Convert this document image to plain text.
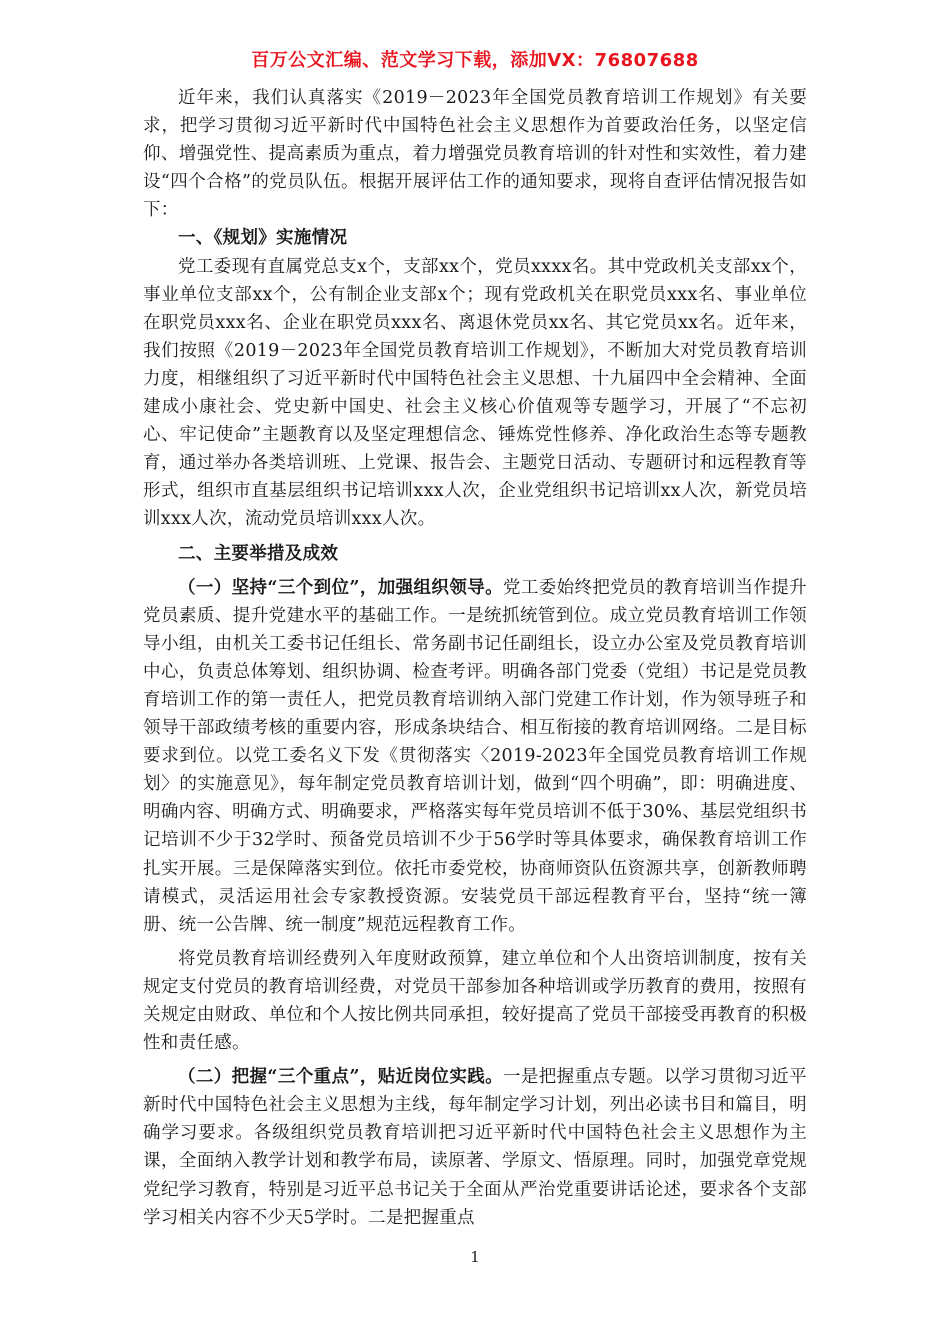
百万公文汇编、范文学习下载，添加VX：76807688

近年来，我们认真落实《2019－2023年全国党员教育培训工作规划》有关要求，把学习贯彻习近平新时代中国特色社会主义思想作为首要政治任务，以坚定信仰、增强党性、提高素质为重点，着力增强党员教育培训的针对性和实效性，着力建设“四个合格”的党员队伍。根据开展评估工作的通知要求，现将自查评估情况报告如下：

一、《规划》实施情况

党工委现有直属党总支x个，支部xx个，党员xxxx名。其中党政机关支部xx个，事业单位支部xx个，公有制企业支部x个；现有党政机关在职党员xxx名、事业单位在职党员xxx名、企业在职党员xxx名、离退休党员xx名、其它党员xx名。近年来，我们按照《2019－2023年全国党员教育培训工作规划》，不断加大对党员教育培训力度，相继组织了习近平新时代中国特色社会主义思想、十九届四中全会精神、全面建成小康社会、党史新中国史、社会主义核心价值观等专题学习，开展了“不忘初心、牢记使命”主题教育以及坚定理想信念、锤炼党性修养、净化政治生态等专题教育，通过举办各类培训班、上党课、报告会、主题党日活动、专题研讨和远程教育等形式，组织市直基层组织书记培训xxx人次，企业党组织书记培训xx人次，新党员培训xxx人次，流动党员培训xxx人次。

二、主要举措及成效

（一）坚持“三个到位”，加强组织领导。党工委始终把党员的教育培训当作提升党员素质、提升党建水平的基础工作。一是统抓统管到位。成立党员教育培训工作领导小组，由机关工委书记任组长、常务副书记任副组长，设立办公室及党员教育培训中心，负责总体筹划、组织协调、检查考评。明确各部门党委（党组）书记是党员教育培训工作的第一责任人，把党员教育培训纳入部门党建工作计划，作为领导班子和领导干部政绩考核的重要内容，形成条块结合、相互衔接的教育培训网络。二是目标要求到位。以党工委名义下发《贯彻落实〈2019-2023年全国党员教育培训工作规划〉的实施意见》，每年制定党员教育培训计划，做到“四个明确”，即：明确进度、明确内容、明确方式、明确要求，严格落实每年党员培训不低于30%、基层党组织书记培训不少于32学时、预备党员培训不少于56学时等具体要求，确保教育培训工作扎实开展。三是保障落实到位。依托市委党校，协商师资队伍资源共享，创新教师聘请模式，灵活运用社会专家教授资源。安装党员干部远程教育平台，坚持“统一簿册、统一公告牌、统一制度”规范远程教育工作。

将党员教育培训经费列入年度财政预算，建立单位和个人出资培训制度，按有关规定支付党员的教育培训经费，对党员干部参加各种培训或学历教育的费用，按照有关规定由财政、单位和个人按比例共同承担，较好提高了党员干部接受再教育的积极性和责任感。

（二）把握“三个重点”，贴近岗位实践。一是把握重点专题。以学习贯彻习近平新时代中国特色社会主义思想为主线，每年制定学习计划，列出必读书目和篇目，明确学习要求。各级组织党员教育培训把习近平新时代中国特色社会主义思想作为主课，全面纳入教学计划和教学布局，读原著、学原文、悟原理。同时，加强党章党规党纪学习教育，特别是习近平总书记关于全面从严治党重要讲话论述，要求各个支部学习相关内容不少天5学时。二是把握重点

1
